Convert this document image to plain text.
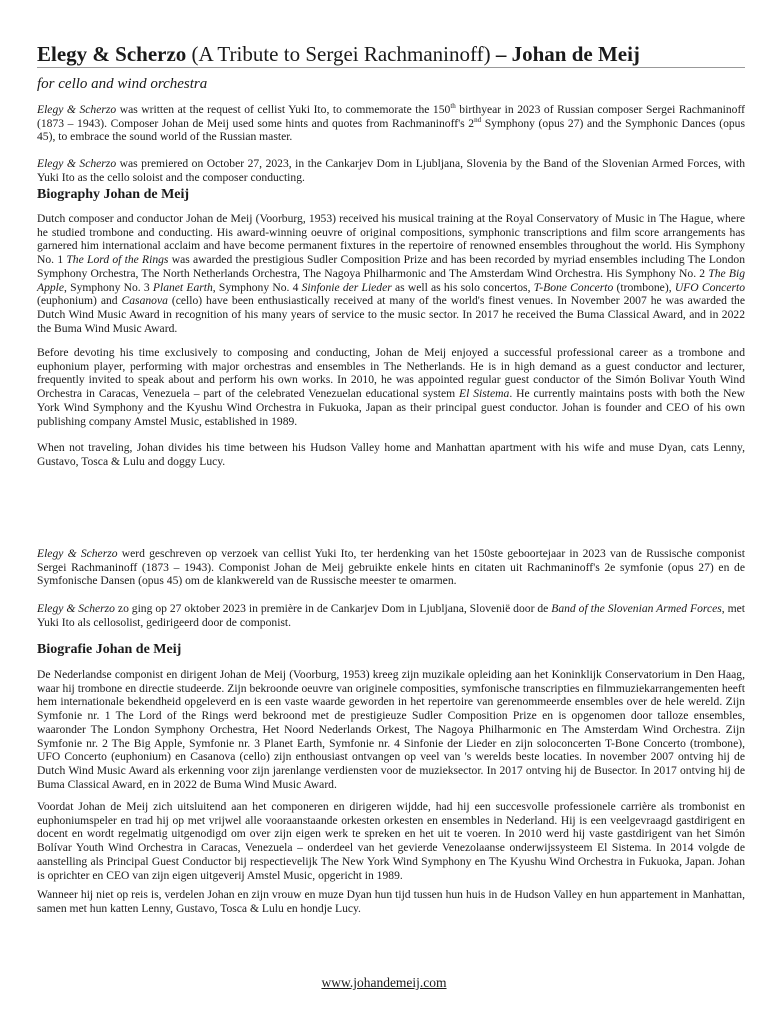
Elegy & Scherzo (A Tribute to Sergei Rachmaninoff) – Johan de Meij
for cello and wind orchestra

Elegy & Scherzo was written at the request of cellist Yuki Ito, to commemorate the 150th birthyear in 2023 of Russian composer Sergei Rachmaninoff (1873 – 1943). Composer Johan de Meij used some hints and quotes from Rachmaninoff's 2nd Symphony (opus 27) and the Symphonic Dances (opus 45), to embrace the sound world of the Russian master.

Elegy & Scherzo was premiered on October 27, 2023, in the Cankarjev Dom in Ljubljana, Slovenia by the Band of the Slovenian Armed Forces, with Yuki Ito as the cello soloist and the composer conducting.

Biography Johan de Meij

Dutch composer and conductor Johan de Meij (Voorburg, 1953) received his musical training at the Royal Conservatory of Music in The Hague, where he studied trombone and conducting. His award-winning oeuvre of original compositions, symphonic transcriptions and film score arrangements has garnered him international acclaim and have become permanent fixtures in the repertoire of renowned ensembles throughout the world. His Symphony No. 1 The Lord of the Rings was awarded the prestigious Sudler Composition Prize and has been recorded by myriad ensembles including The London Symphony Orchestra, The North Netherlands Orchestra, The Nagoya Philharmonic and The Amsterdam Wind Orchestra. His Symphony No. 2 The Big Apple, Symphony No. 3 Planet Earth, Symphony No. 4 Sinfonie der Lieder as well as his solo concertos, T-Bone Concerto (trombone), UFO Concerto (euphonium) and Casanova (cello) have been enthusiastically received at many of the world's finest venues. In November 2007 he was awarded the Dutch Wind Music Award in recognition of his many years of service to the music sector. In 2017 he received the Buma Classical Award, and in 2022 the Buma Wind Music Award.

Before devoting his time exclusively to composing and conducting, Johan de Meij enjoyed a successful professional career as a trombone and euphonium player, performing with major orchestras and ensembles in The Netherlands. He is in high demand as a guest conductor and lecturer, frequently invited to speak about and perform his own works. In 2010, he was appointed regular guest conductor of the Simón Bolivar Youth Wind Orchestra in Caracas, Venezuela – part of the celebrated Venezuelan educational system El Sistema. He currently maintains posts with both the New York Wind Symphony and the Kyushu Wind Orchestra in Fukuoka, Japan as their principal guest conductor. Johan is founder and CEO of his own publishing company Amstel Music, established in 1989.

When not traveling, Johan divides his time between his Hudson Valley home and Manhattan apartment with his wife and muse Dyan, cats Lenny, Gustavo, Tosca & Lulu and doggy Lucy.

Elegy & Scherzo werd geschreven op verzoek van cellist Yuki Ito, ter herdenking van het 150ste geboortejaar in 2023 van de Russische componist Sergei Rachmaninoff (1873 – 1943). Componist Johan de Meij gebruikte enkele hints en citaten uit Rachmaninoff's 2e symfonie (opus 27) en de Symfonische Dansen (opus 45) om de klankwereld van de Russische meester te omarmen.

Elegy & Scherzo zo ging op 27 oktober 2023 in première in de Cankarjev Dom in Ljubljana, Slovenië door de Band of the Slovenian Armed Forces, met Yuki Ito als cellosolist, gedirigeerd door de componist.

Biografie Johan de Meij

De Nederlandse componist en dirigent Johan de Meij (Voorburg, 1953) kreeg zijn muzikale opleiding aan het Koninklijk Conservatorium in Den Haag, waar hij trombone en directie studeerde. Zijn bekroonde oeuvre van originele composities, symfonische transcripties en filmmuziekarrangementen heeft hem internationale bekendheid opgeleverd en is een vaste waarde geworden in het repertoire van gerenommeerde ensembles over de hele wereld. Zijn Symfonie nr. 1 The Lord of the Rings werd bekroond met de prestigieuze Sudler Composition Prize en is opgenomen door talloze ensembles, waaronder The London Symphony Orchestra, Het Noord Nederlands Orkest, The Nagoya Philharmonic en The Amsterdam Wind Orchestra. Zijn Symfonie nr. 2 The Big Apple, Symfonie nr. 3 Planet Earth, Symfonie nr. 4 Sinfonie der Lieder en zijn soloconcerten T-Bone Concerto (trombone), UFO Concerto (euphonium) en Casanova (cello) zijn enthousiast ontvangen op veel van 's werelds beste locaties. In november 2007 ontving hij de Dutch Wind Music Award als erkenning voor zijn jarenlange verdiensten voor de muzieksector. In 2017 ontving hij de Busector. In 2017 ontving hij de Buma Classical Award, en in 2022 de Buma Wind Music Award.

Voordat Johan de Meij zich uitsluitend aan het componeren en dirigeren wijdde, had hij een succesvolle professionele carrière als trombonist en euphoniumspeler en trad hij op met vrijwel alle vooraanstaande orkesten orkesten en ensembles in Nederland. Hij is een veelgevraagd gastdirigent en docent en wordt regelmatig uitgenodigd om over zijn eigen werk te spreken en het uit te voeren. In 2010 werd hij vaste gastdirigent van het Simón Bolívar Youth Wind Orchestra in Caracas, Venezuela – onderdeel van het gevierde Venezolaanse onderwijssysteem El Sistema. In 2014 volgde de aanstelling als Principal Guest Conductor bij respectievelijk The New York Wind Symphony en The Kyushu Wind Orchestra in Fukuoka, Japan. Johan is oprichter en CEO van zijn eigen uitgeverij Amstel Music, opgericht in 1989.

Wanneer hij niet op reis is, verdelen Johan en zijn vrouw en muze Dyan hun tijd tussen hun huis in de Hudson Valley en hun appartement in Manhattan, samen met hun katten Lenny, Gustavo, Tosca & Lulu en hondje Lucy.

www.johandemeij.com
